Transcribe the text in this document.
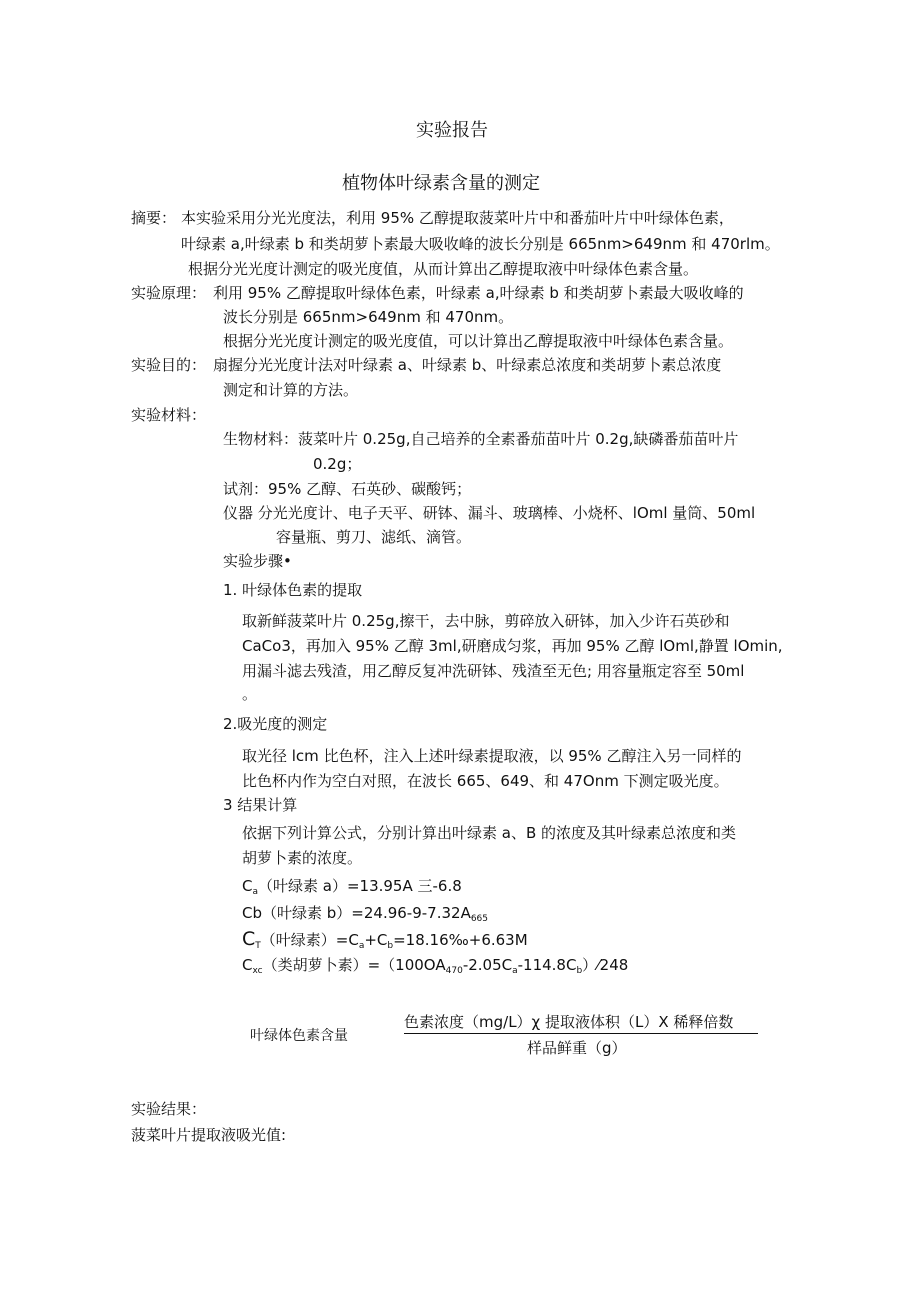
实验报告
植物体叶绿素含量的测定
摘要： 本实验采用分光光度法，利用 95% 乙醇提取菠菜叶片中和番茄叶片中叶绿体色素，
叶绿素 a,叶绿素 b 和类胡萝卜素最大吸收峰的波长分别是 665nm>649nm 和 470rlm。
根据分光光度计测定的吸光度值，从而计算出乙醇提取液中叶绿体色素含量。
实验原理： 利用 95% 乙醇提取叶绿体色素，叶绿素 a,叶绿素 b 和类胡萝卜素最大吸收峰的
波长分别是 665nm>649nm 和 470nm。
根据分光光度计测定的吸光度值，可以计算出乙醇提取液中叶绿体色素含量。
实验目的： 扇握分光光度计法对叶绿素 a、叶绿素 b、叶绿素总浓度和类胡萝卜素总浓度
测定和计算的方法。
实验材料：
生物材料：菠菜叶片 0.25g,自己培养的全素番茄苗叶片 0.2g,缺磷番茄苗叶片
0.2g；
试剂：95% 乙醇、石英砂、碳酸钙；
仪器 分光光度计、电子天平、研钵、漏斗、玻璃棒、小烧杯、lOml 量筒、50ml
容量瓶、剪刀、滤纸、滴管。
实验步骤•
1. 叶绿体色素的提取
取新鲜菠菜叶片 0.25g,擦干，去中脉，剪碎放入研钵，加入少许石英砂和
CaCo3，再加入 95% 乙醇 3ml,研磨成匀浆，再加 95% 乙醇 lOml,静置 lOmin,
用漏斗滤去残渣，用乙醇反复冲洗研钵、残渣至无色; 用容量瓶定容至 50ml
。
2.吸光度的测定
取光径 lcm 比色杯，注入上述叶绿素提取液，以 95% 乙醇注入另一同样的
比色杯内作为空白对照，在波长 665、649、和 47Onm 下测定吸光度。
3 结果计算
依据下列计算公式，分别计算出叶绿素 a、B 的浓度及其叶绿素总浓度和类
胡萝卜素的浓度。
$C_a$（叶绿素 a）=13.95A 三-6.8
Cb（叶绿素 $b)=24.96-9-7.32A_{665}$
$C_T$（叶绿素）$=C_a+C_b=18.16‰+6.63M$
$C_{xc}$（类胡萝卜素）$=(100OA_{470}-2.05C_a-114.8C_b)⁄248$
叶绿体色素含量
色素浓度（mg/L）χ 提取液体积（L）X 稀释倍数
样品鲜重（g）
实验结果：
菠菜叶片提取液吸光值:
